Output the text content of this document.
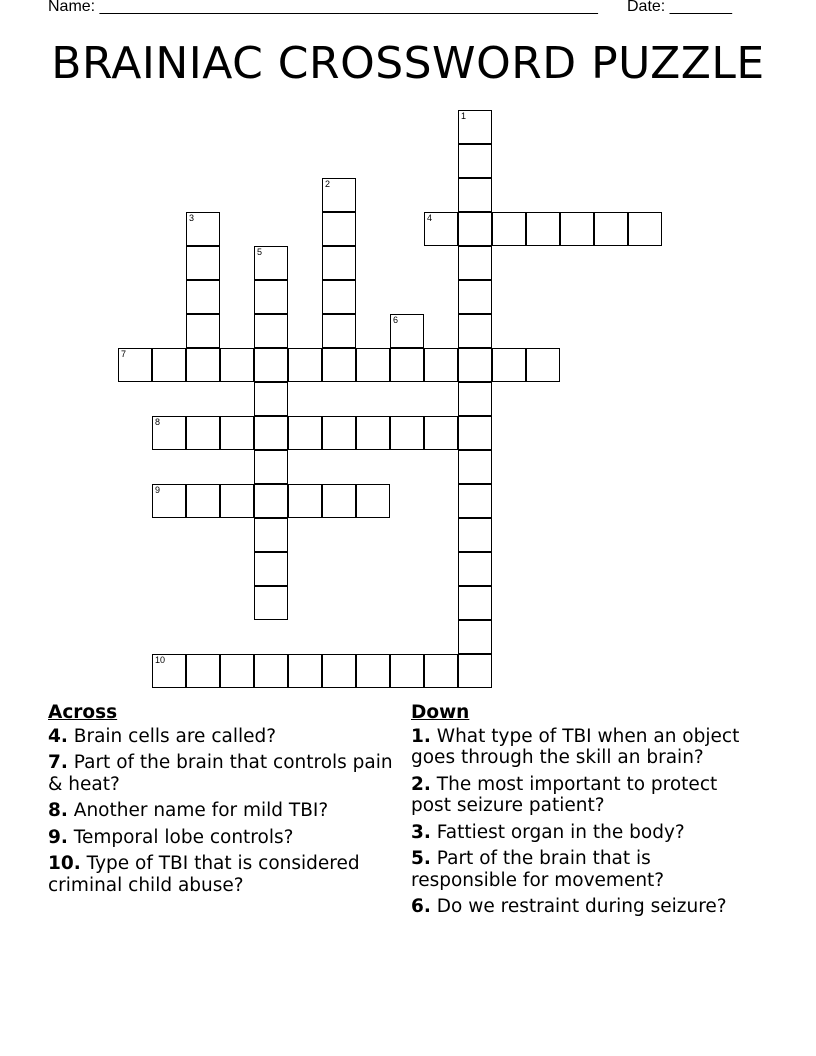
Name: ________________________________________________________ Date: _______
BRAINIAC CROSSWORD PUZZLE
1
2
3	4
5
6
7
8
9
10
Across
4. Brain cells are called?
7. Part of the brain that controls pain & heat?
8. Another name for mild TBI?
9. Temporal lobe controls?
10. Type of TBI that is considered criminal child abuse?
Down
1. What type of TBI when an object goes through the skill an brain?
2. The most important to protect post seizure patient?
3. Fattiest organ in the body?
5. Part of the brain that is responsible for movement?
6. Do we restraint during seizure?
